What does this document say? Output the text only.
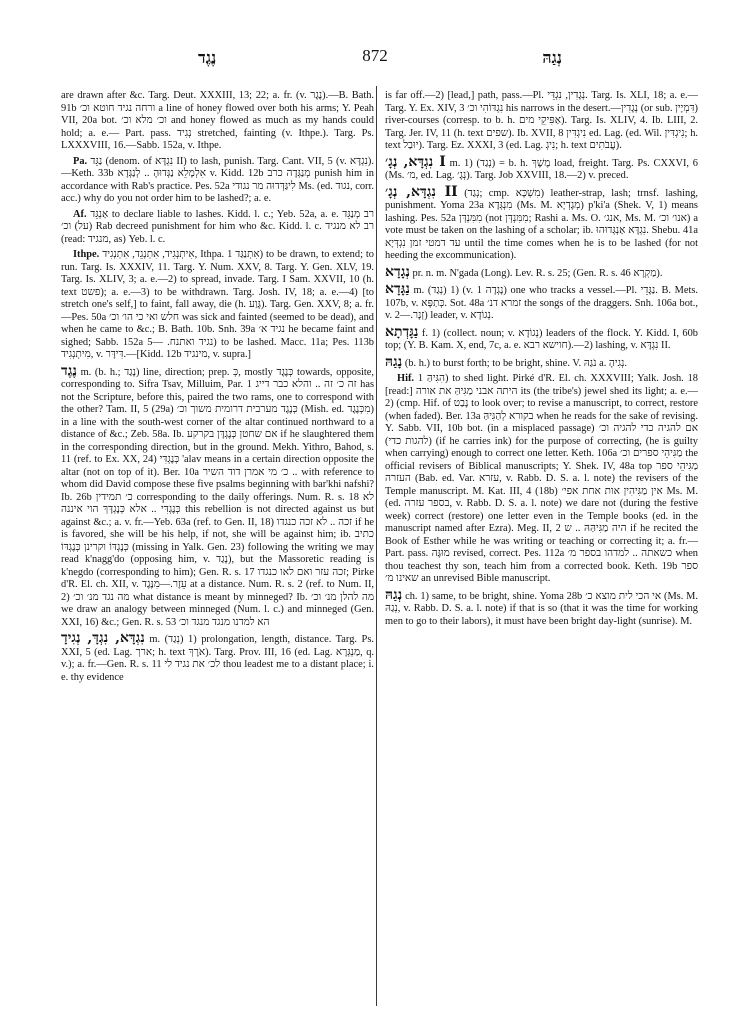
נֶגֶד	872	נְגַהּ

are drawn after &c. Targ. Deut. XXXIII, 13; 22; a. fr. (v. נֶגֶר).—B. Bath. 91b ורחה נגיד חוטא וכ׳ a line of honey flowed over both his arms; Y. Peah VII, 20a bot. וכ׳ מלא וכ׳ and honey flowed as much as my hands could hold; a. e.— Part. pass. נְגִיד stretched, fainting (v. Ithpe.). Targ. Ps. LXXXVIII, 16.—Sabb. 152a, v. Ithpe.

Pa. נַגֵּד (denom. of נִגְדָּא II) to lash, punish. Targ. Cant. VII, 5 (v. נִגְדָּא).—Keth. 33b אִלְמָלֵא נַגְּדוּהָ .. לְנַגְּדָא v. Kidd. 12b מְנַגְּדָה כרב punish him in accordance with Rab's practice. Pes. 52a לִיגַּדְּדוּה מר נגודי Ms. (ed. נגוד, corr. acc.) why do you not order him to be lashed?; a. e.

Af. אַנְגֵּד to declare liable to lashes. Kidd. l. c.; Yeb. 52a, a. e. רב מְנַגֵּד (על) וכ׳ Rab decreed punishment for him who &c. Kidd. l. c. רב לא מנגיד (read: מנגיד, as) Yeb. l. c.

Ithpe. אִיתְנְגִיד, אִתְנְגֵד, אִתְנְגִיד, Ithpa. אִתְנַגַּד 1) to be drawn, to extend; to run. Targ. Is. XXXIV, 11. Targ. Y. Num. XXV, 8. Targ. Y. Gen. XLV, 19. Targ. Is. XLIV, 3; a. e.—2) to spread, invade. Targ. I Sam. XXVII, 10 (h. text פשט); a. e.—3) to be withdrawn. Targ. Josh. IV, 18; a. e.—4) [to stretch one's self,] to faint, fall away, die (h. גָּוַע). Targ. Gen. XXV, 8; a. fr.—Pes. 50a חלש ואי כי הו׳ וכ׳ was sick and fainted (seemed to be dead), and when he came to &c.; B. Bath. 10b. Snh. 39a נגיד א׳ he became faint and sighed; Sabb. 152a נגיד ואתנח. —5) to be lashed. Macc. 11a; Pes. 113b מִיתְנְגִיד, v. דִּידָּר.—[Kidd. 12b מינגיד, v. supra.]

נֶגֶד m. (b. h.; נָגַד) line, direction; prep. כְּ, mostly כְּנֶגֶד towards, opposite, corresponding to. Sifra Tsav, Milluim, Par. 1 זה כ׳ זה .. והלא כבר דייג has not the Scripture, before this, paired the two rams, one to correspond with the other? Tam. II, 5 (29a) כְּנֶגֶד מערבית דרומית משוך וכ׳ (Mish. ed. מִכְּנֶגֶד) in a line with the south-west corner of the altar continued northward to a distance of &c.; Zeb. 58a. Ib. אם שחטן כְּנֶגְדָּן בקרקע if he slaughtered them in the corresponding direction, but in the ground. Mekh. Yithro, Bahod, s. 11 (ref. to Ex. XX, 24) כְּנֶגְדִּי 'alav means in a certain direction opposite the altar (not on top of it). Ber. 10a כ׳ מי אמרן דוד השיר .. with reference to whom did David compose these five psalms beginning with bar'khi nafshi? Ib. 26b כ׳ תמידין corresponding to the daily offerings. Num. R. s. 18 לא כְּנֶגְדִּי .. אלא כְּנֶגְדָּךְ הוי איננה this rebellion is not directed against us but against &c.; a. v. fr.—Yeb. 63a (ref. to Gen. II, 18) זכה .. לא זכה כנגדו if he is favored, she will be his help, if not, she will be against him; ib. כתיב כְּנֶגְדּוֹ וקרינן כְּנֶגְדּוֹ (missing in Yalk. Gen. 23) following the writing we may read k'nagg'do (opposing him, v. נָגַד), but the Massoretic reading is k'negdo (corresponding to him); Gen. R. s. 17 זכה עזר ואם לאו כנגדו; Pirke d'R. El. ch. XII, v. עֵזֶר.—מִנֶּגֶד at a distance. Num. R. s. 2 (ref. to Num. II, 2) מה נגד מנ׳ וכ׳ what distance is meant by minneged? Ib. מה להלן מנ׳ וכ׳ we draw an analogy between minneged (Num. l. c.) and minneged (Gen. XXI, 16) &c.; Gen. R. s. 53 הא למדנו מנגד מנגד וכ׳

נִגְדָּא, נִגְדָּ, נְגִידָ m. (נְגַד) 1) prolongation, length, distance. Targ. Ps. XXI, 5 (ed. Lag. ארך; h. text אֹרֶךְ). Targ. Prov. III, 16 (ed. Lag. מַנְגְּרָא, q. v.); a. fr.—Gen. R. s. 11 לכ׳ את נגיד לי thou leadest me to a distant place; i. e. thy evidence

is far off.—2) [lead,] path, pass.—Pl. נְגָדִין, נִגְדֵּי. Targ. Is. XLI, 18; a. e.—Targ. Y. Ex. XIV, 3 נִגְדּוֹהִי וכ׳ his narrows in the desert.—נְגָדִין (or sub. דִּמְיָין) river-courses (corresp. to b. h. אַפִּיקֵי מים). Targ. Is. XLIV, 4. Ib. LIII, 2. Targ. Jer. IV, 11 (h. text שפים). Ib. XVII, 8 נִיגְדִּין ed. Lag. (ed. Wil. נִיגְדִּין; h. text יוּבַל). Targ. Ez. XXXI, 3 (ed. Lag. נִיגְ; h. text עֲבֹתִים).

נִגְדָּא, נְגָ׳ I m. 1) (נְגַד) = b. h. מֶשֶׁךְ load, freight. Targ. Ps. CXXVI, 6 (Ms. מ׳, ed. Lag. נְגָ׳). Targ. Job XXVIII, 18.—2) v. preced.

נִגְדָּא, נְגָ׳ II (נְגַד; cmp. מִשְׁכָּא) leather-strap, lash; trnsf. lashing, punishment. Yoma 23a מִנְגְּדָא (Ms. M. מְגָדְיָא) p'ki'a (Shek. V, 1) means lashing. Pes. 52a מִמִּנְדְּן (not מִמִּנְדְּן; Rashi a. Ms. O. אנג׳, Ms. M. אנו׳ וכ׳) a vote must be taken on the lashing of a scholar; ib. נִגְדָּא אַנְגְּדוּהוּ. Shebu. 41a עד דמטי זמן נִגְדְּיָא until the time comes when he is to be lashed (for not heeding the excommunication).

נְגָדָא pr. n. m. N'gada (Long). Lev. R. s. 25; (Gen. R. s. 46 מַקְרָא).

נַגָּדָא m. (נְגַד) 1) (v. נָגְדָה 1) one who tracks a vessel.—Pl. נַגָּדֵי. B. Mets. 107b, v. כְּתַפָּא. Sot. 48a זמרא דנ׳ the songs of the draggers. Snh. 106a bot., v. זְנָר.—2) leader, v. נְגוֹדָא.

נַגָּדְתָא f. 1) (collect. noun; v. נְגוֹדָא) leaders of the flock. Y. Kidd. I, 60b top; (Y. B. Kam. X, end, 7c, a. e. חוישא רבא).—2) lashing, v. נִגְדָּא II.

נָגַהּ (b. h.) to burst forth; to be bright, shine. V. נֹגַהּ a. נְגִיהָ.

Hif. הִגִּיהַּ 1) to shed light. Pirké d'R. El. ch. XXXVIII; Yalk. Josh. 18 [read:] היתה אבני מַגִּיהַּ את אורה its (the tribe's) jewel shed its light; a. e.—2) (cmp. Hif. of נָבַט to look over; to revise a manuscript, to correct, restore (when faded). Ber. 13a בקורא לְהַגִּיהַּ when he reads for the sake of revising. Y. Sabb. VII, 10b bot. (in a misplaced passage) אם להגיה כדי להגיה וכ׳ (להגות כדי) (if he carries ink) for the purpose of correcting, (he is guilty when carrying) enough to correct one letter. Keth. 106a מַגִּיהֵי ספרים וכ׳ the official revisers of Biblical manuscripts; Y. Shek. IV, 48a top מַגִּיהֵי ספר העזרה (Bab. ed. Var. עזרא, v. Rabb. D. S. a. l. note) the revisers of the Temple manuscript. M. Kat. III, 4 (18b) אין מַגִּיהִין אות אחת אפי׳ Ms. M. (ed. בספר עזרה, v. Rabb. D. S. a. l. note) we dare not (during the festive week) correct (restore) one letter even in the Temple books (ed. in the manuscript named after Ezra). Meg. II, 2 היה מַגִּיהַּהּ .. ש if he recited the Book of Esther while he was writing or teaching or correcting it; a. fr.—Part. pass. מוּגָּה revised, correct. Pes. 112a כשאתה .. למדהו בספר מ׳ when thou teachest thy son, teach him from a corrected book. Keth. 19b ספר שאינו מ׳ an unrevised Bible manuscript.

נְגַהּ ch. 1) same, to be bright, shine. Yoma 28b אי הכי לית מוצא כ׳ (Ms. M. נְגַהּ, v. Rabb. D. S. a. l. note) if that is so (that it was the time for working men to go to their labors), it must have been bright day-light (sunrise). M.
